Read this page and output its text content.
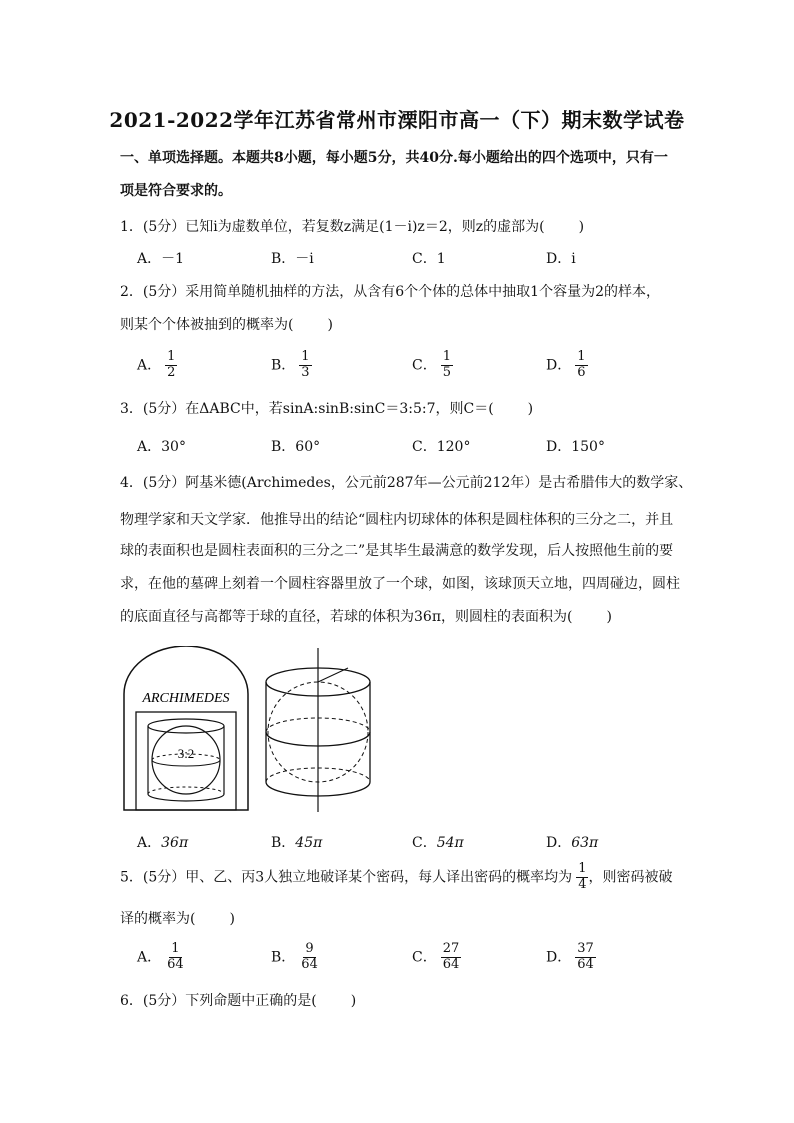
2021-2022学年江苏省常州市溧阳市高一（下）期末数学试卷
一、单项选择题。本题共8小题，每小题5分，共40分.每小题给出的四个选项中，只有一
项是符合要求的。
1．(5分）已知i为虚数单位，若复数z满足(1－i)z＝2，则z的虚部为( )
A．－1	B．－i	C．1	D．i
2．(5分）采用简单随机抽样的方法，从含有6个个体的总体中抽取1个容量为2的样本，
则某个个体被抽到的概率为( )
A． $\frac{1}{2}$	B． $\frac{1}{3}$	C． $\frac{1}{5}$	D． $\frac{1}{6}$
3．(5分）在ΔABC中，若sinA:sinB:sinC＝3:5:7，则C＝( )
A．30°	B．60°	C．120°	D．150°
4．(5分）阿基米德(Archimedes，公元前287年—公元前212年）是古希腊伟大的数学家、
物理学家和天文学家．他推导出的结论“圆柱内切球体的体积是圆柱体积的三分之二，并且
球的表面积也是圆柱表面积的三分之二”是其毕生最满意的数学发现，后人按照他生前的要
求，在他的墓碑上刻着一个圆柱容器里放了一个球，如图，该球顶天立地，四周碰边，圆柱
的底面直径与高都等于球的直径，若球的体积为36π，则圆柱的表面积为( )
ARCHIMEDES
3:2
A．36π	B．45π	C．54π	D．63π
5．(5分）甲、乙、丙3人独立地破译某个密码，每人译出密码的概率均为 $\frac{1}{4}$ ，则密码被破
译的概率为( )
A． $\frac{1}{64}$	B． $\frac{9}{64}$	C． $\frac{27}{64}$	D． $\frac{37}{64}$
6．(5分）下列命题中正确的是( )
